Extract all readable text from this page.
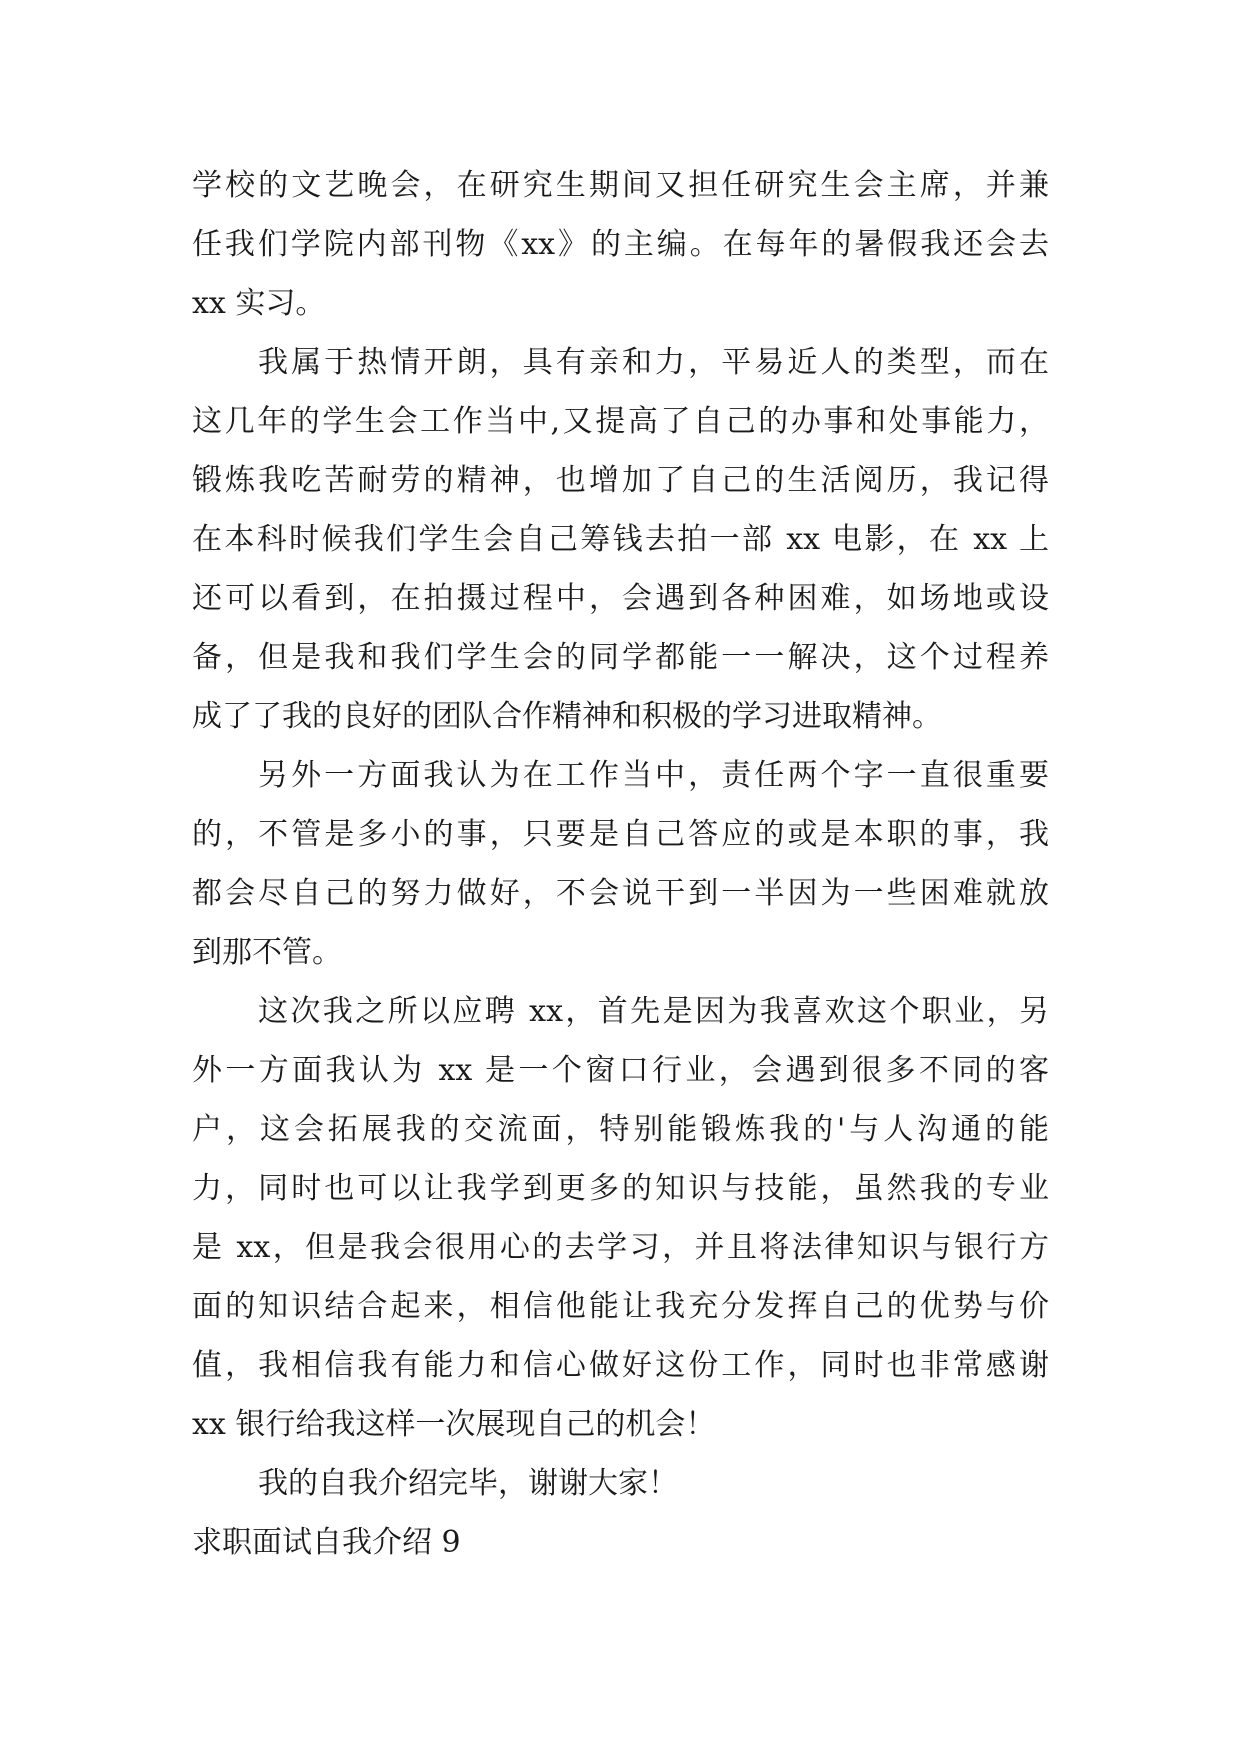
学校的文艺晚会，在研究生期间又担任研究生会主席，并兼
任我们学院内部刊物《xx》的主编。在每年的暑假我还会去
xx 实习。
我属于热情开朗，具有亲和力，平易近人的类型，而在
这几年的学生会工作当中,又提高了自己的办事和处事能力，
锻炼我吃苦耐劳的精神，也增加了自己的生活阅历，我记得
在本科时候我们学生会自己筹钱去拍一部 xx 电影，在 xx 上
还可以看到，在拍摄过程中，会遇到各种困难，如场地或设
备，但是我和我们学生会的同学都能一一解决，这个过程养
成了了我的良好的团队合作精神和积极的学习进取精神。
另外一方面我认为在工作当中，责任两个字一直很重要
的，不管是多小的事，只要是自己答应的或是本职的事，我
都会尽自己的努力做好，不会说干到一半因为一些困难就放
到那不管。
这次我之所以应聘 xx，首先是因为我喜欢这个职业，另
外一方面我认为 xx 是一个窗口行业，会遇到很多不同的客
户，这会拓展我的交流面，特别能锻炼我的'与人沟通的能
力，同时也可以让我学到更多的知识与技能，虽然我的专业
是 xx，但是我会很用心的去学习，并且将法律知识与银行方
面的知识结合起来，相信他能让我充分发挥自己的优势与价
值，我相信我有能力和信心做好这份工作，同时也非常感谢
xx 银行给我这样一次展现自己的机会！
我的自我介绍完毕，谢谢大家！
求职面试自我介绍 9
